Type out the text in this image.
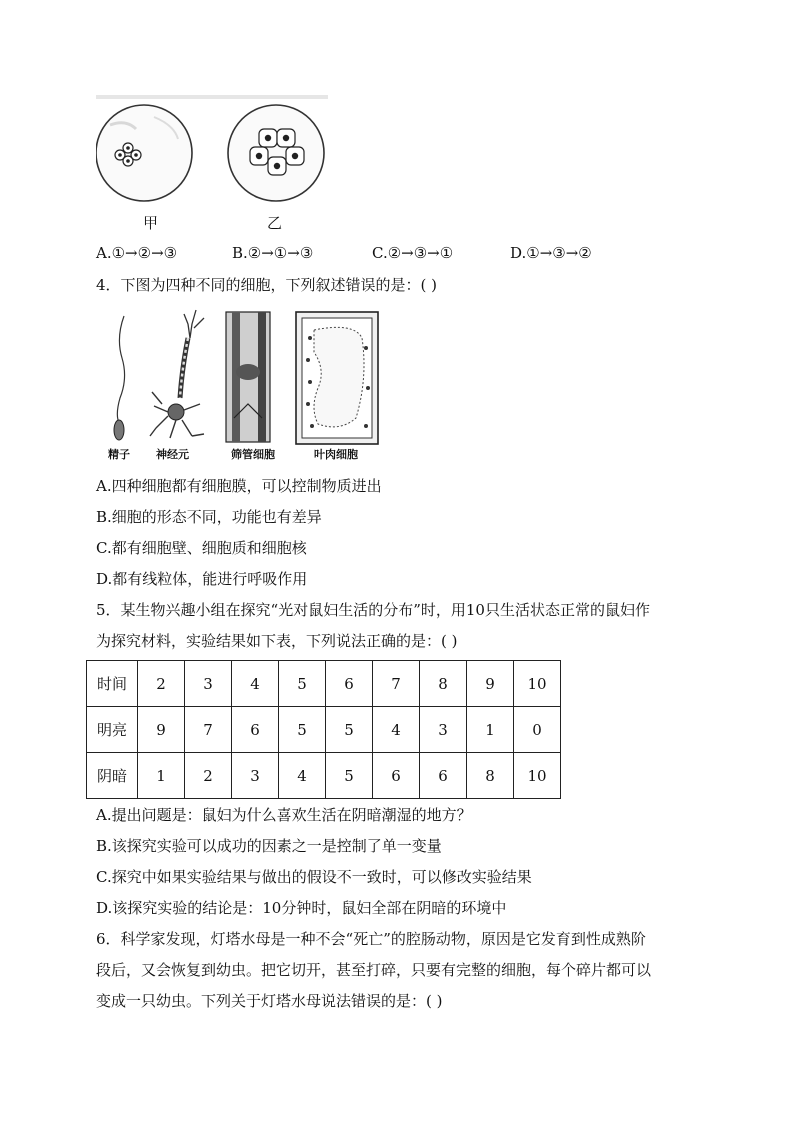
甲	乙
A.①→②→③	B.②→①→③	C.②→③→①	D.①→③→②
4．下图为四种不同的细胞，下列叙述错误的是：( )
精子 神经元	筛管细胞	叶肉细胞
A.四种细胞都有细胞膜，可以控制物质进出
B.细胞的形态不同，功能也有差异
C.都有细胞壁、细胞质和细胞核
D.都有线粒体，能进行呼吸作用
5．某生物兴趣小组在探究“光对鼠妇生活的分布”时，用10只生活状态正常的鼠妇作
为探究材料，实验结果如下表，下列说法正确的是：( )
时间	2	3	4	5	6	7	8	9	10
明亮	9	7	6	5	5	4	3	1	0
阴暗	1	2	3	4	5	6	6	8	10
A.提出问题是：鼠妇为什么喜欢生活在阴暗潮湿的地方？
B.该探究实验可以成功的因素之一是控制了单一变量
C.探究中如果实验结果与做出的假设不一致时，可以修改实验结果
D.该探究实验的结论是：10分钟时，鼠妇全部在阴暗的环境中
6．科学家发现，灯塔水母是一种不会“死亡”的腔肠动物，原因是它发育到性成熟阶
段后，又会恢复到幼虫。把它切开，甚至打碎，只要有完整的细胞，每个碎片都可以
变成一只幼虫。下列关于灯塔水母说法错误的是：( )
